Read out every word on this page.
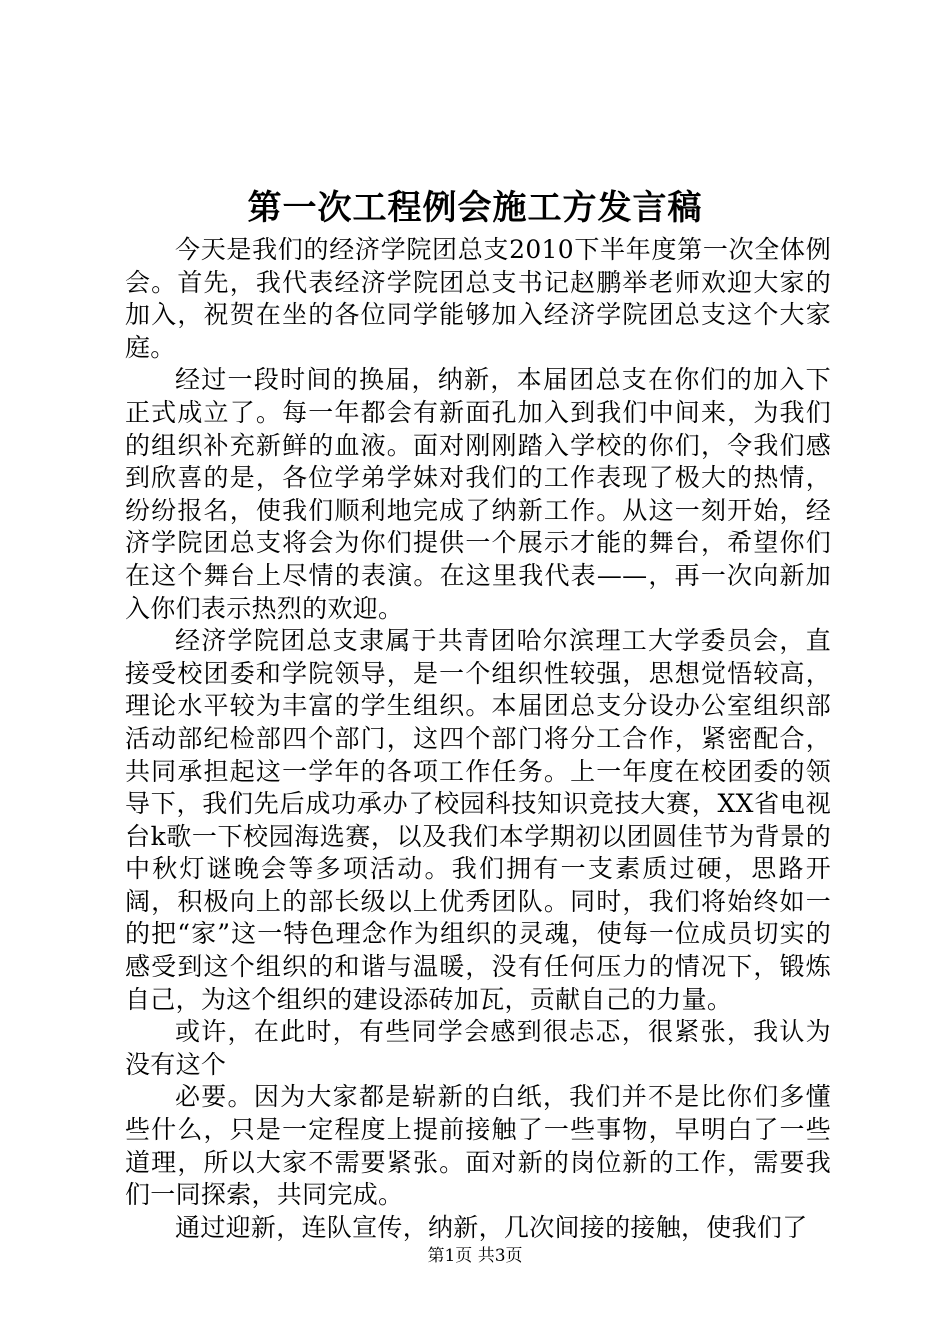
第一次工程例会施工方发言稿

今天是我们的经济学院团总支2010下半年度第一次全体例会。首先，我代表经济学院团总支书记赵鹏举老师欢迎大家的加入，祝贺在坐的各位同学能够加入经济学院团总支这个大家庭。

经过一段时间的换届，纳新，本届团总支在你们的加入下正式成立了。每一年都会有新面孔加入到我们中间来，为我们的组织补充新鲜的血液。面对刚刚踏入学校的你们，令我们感到欣喜的是，各位学弟学妹对我们的工作表现了极大的热情，纷纷报名，使我们顺利地完成了纳新工作。从这一刻开始，经济学院团总支将会为你们提供一个展示才能的舞台，希望你们在这个舞台上尽情的表演。在这里我代表——，再一次向新加入你们表示热烈的欢迎。

经济学院团总支隶属于共青团哈尔滨理工大学委员会，直接受校团委和学院领导，是一个组织性较强，思想觉悟较高，理论水平较为丰富的学生组织。本届团总支分设办公室组织部活动部纪检部四个部门，这四个部门将分工合作，紧密配合，共同承担起这一学年的各项工作任务。上一年度在校团委的领导下，我们先后成功承办了校园科技知识竞技大赛，XX省电视台k歌一下校园海选赛，以及我们本学期初以团圆佳节为背景的中秋灯谜晚会等多项活动。我们拥有一支素质过硬，思路开阔，积极向上的部长级以上优秀团队。同时，我们将始终如一的把“家”这一特色理念作为组织的灵魂，使每一位成员切实的感受到这个组织的和谐与温暖，没有任何压力的情况下，锻炼自己，为这个组织的建设添砖加瓦，贡献自己的力量。

或许，在此时，有些同学会感到很忐忑，很紧张，我认为没有这个

必要。因为大家都是崭新的白纸，我们并不是比你们多懂些什么，只是一定程度上提前接触了一些事物，早明白了一些道理，所以大家不需要紧张。面对新的岗位新的工作，需要我们一同探索，共同完成。

通过迎新，连队宣传，纳新，几次间接的接触，使我们了

第1页 共3页
